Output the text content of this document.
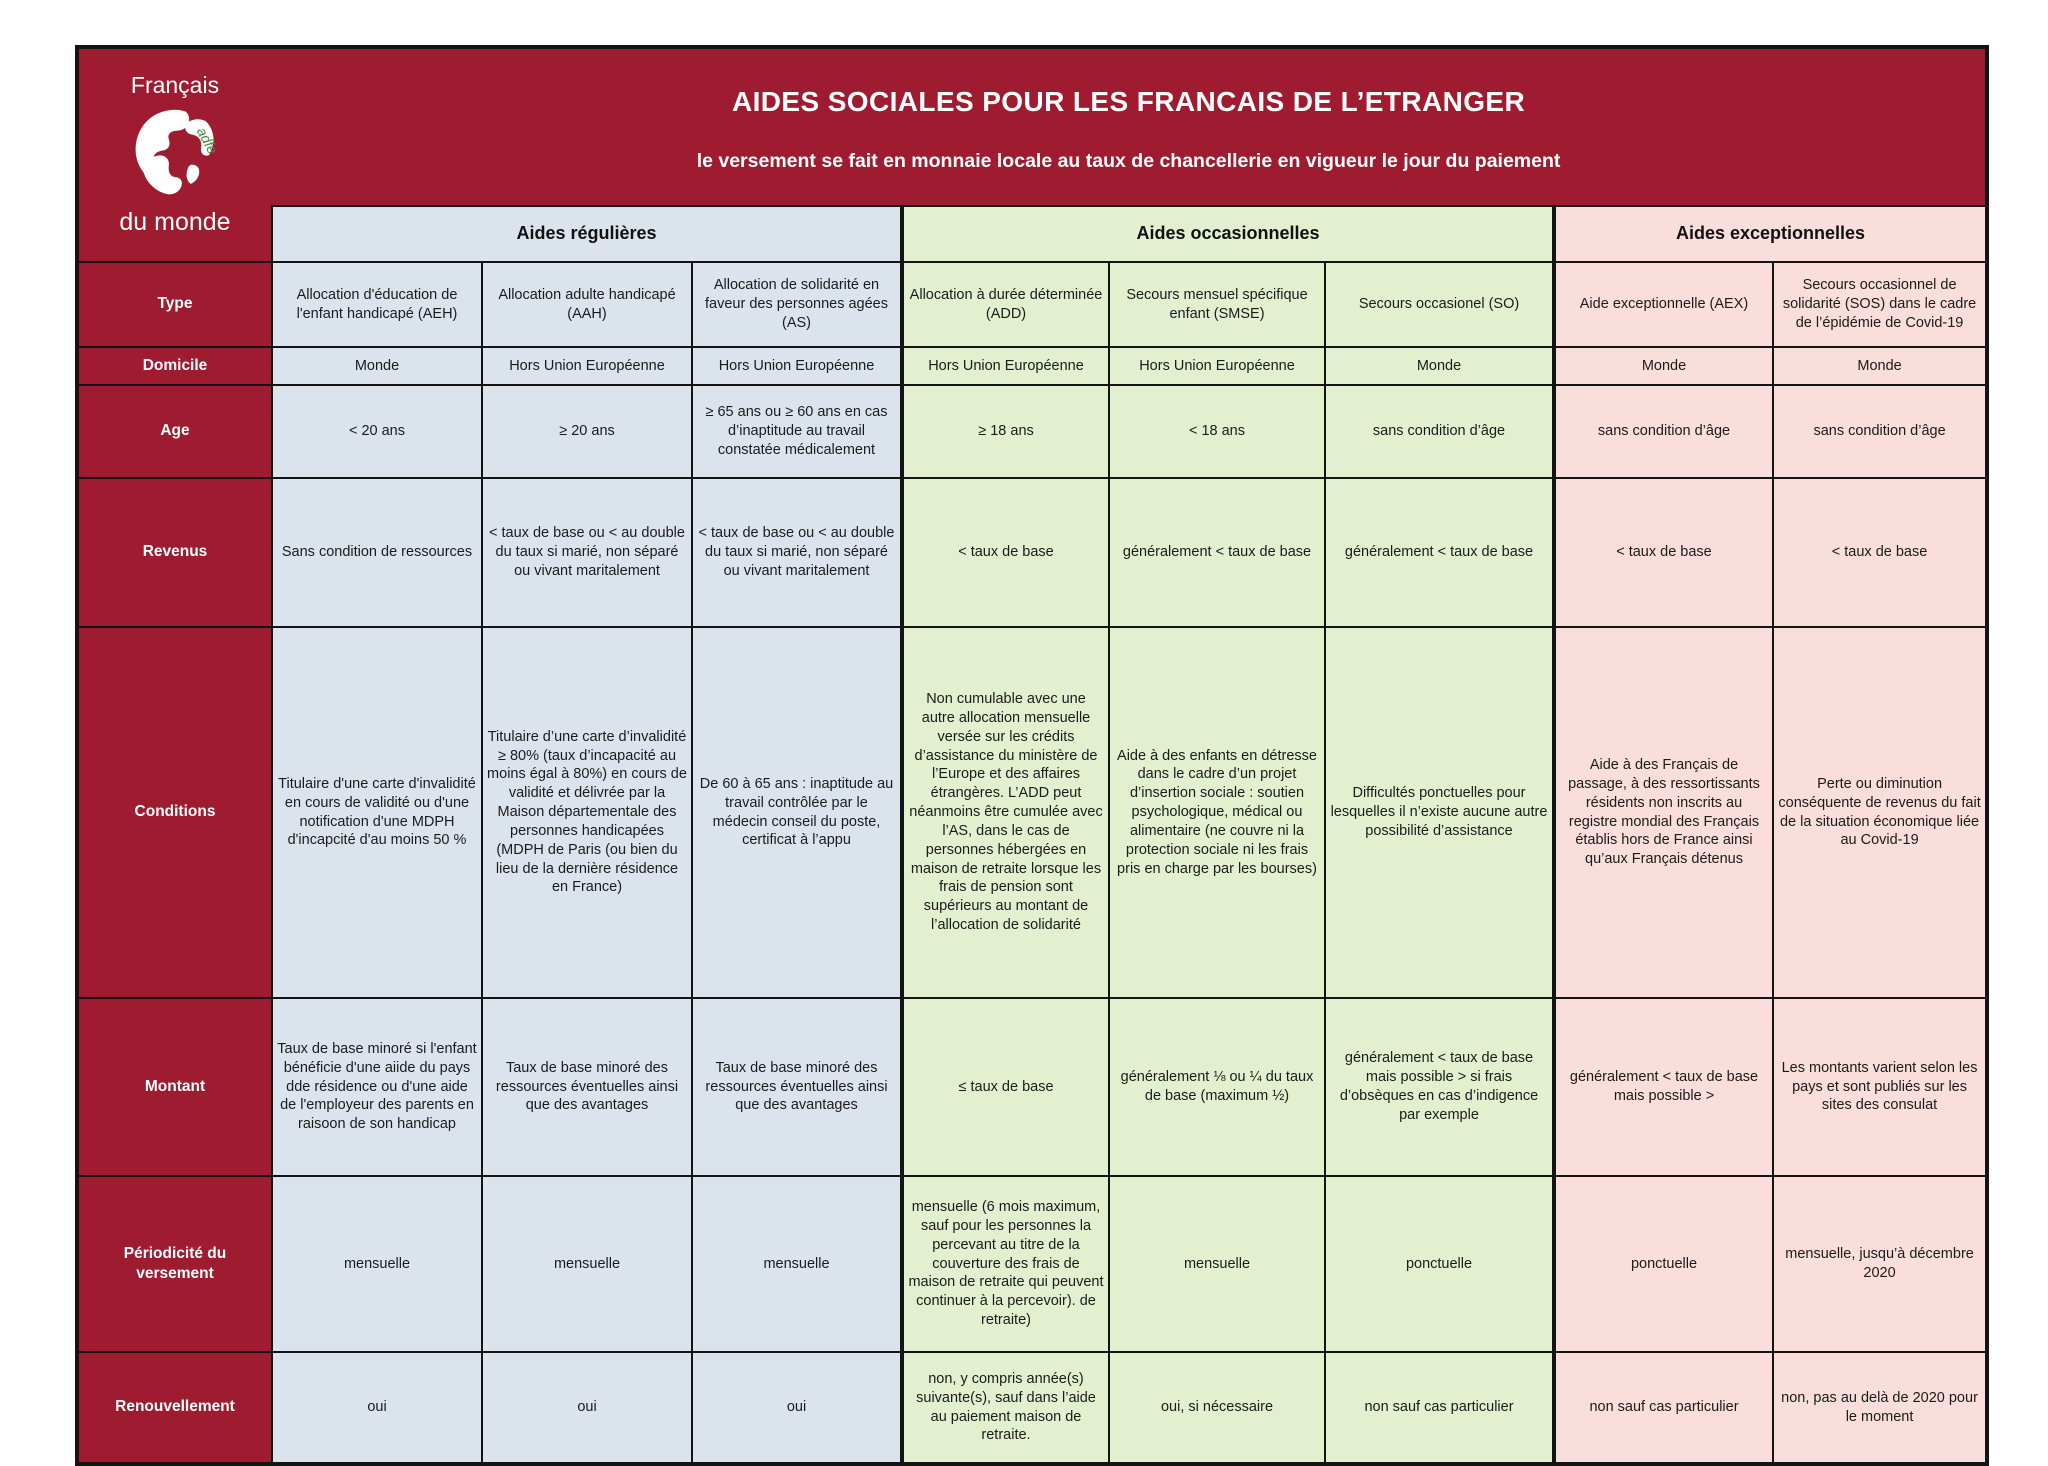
Français
adfe
du monde

AIDES SOCIALES POUR LES FRANCAIS DE L’ETRANGER
le versement se fait en monnaie locale au taux de chancellerie en vigueur le jour du paiement

	Aides régulières			Aides occasionnelles			Aides exceptionnelles	
Type	Allocation d'éducation de l'enfant handicapé (AEH)	Allocation adulte handicapé (AAH)	Allocation de solidarité en faveur des personnes agées (AS)	Allocation à durée déterminée (ADD)	Secours mensuel spécifique enfant (SMSE)	Secours occasionel (SO)	Aide exceptionnelle (AEX)	Secours occasionnel de solidarité (SOS) dans le cadre de l’épidémie de Covid-19
Domicile	Monde	Hors Union Européenne	Hors Union Européenne	Hors Union Européenne	Hors Union Européenne	Monde	Monde	Monde
Age	< 20 ans	≥ 20 ans	≥ 65 ans ou ≥ 60 ans en cas d’inaptitude au travail constatée médicalement	≥ 18 ans	< 18 ans	sans condition d’âge	sans condition d’âge	sans condition d’âge
Revenus	Sans condition de ressources	< taux de base ou < au double du taux si marié, non séparé ou vivant maritalement	< taux de base ou < au double du taux si marié, non séparé ou vivant maritalement	< taux de base	généralement < taux de base	généralement < taux de base	< taux de base	< taux de base
Conditions	Titulaire d'une carte d'invalidité en cours de validité ou d'une notification d'une MDPH d'incapcité d'au moins 50 %	Titulaire d’une carte d’invalidité ≥ 80% (taux d’incapacité au moins égal à 80%) en cours de validité et délivrée par la Maison départementale des personnes handicapées (MDPH de Paris (ou bien du lieu de la dernière résidence en France)	De 60 à 65 ans : inaptitude au travail contrôlée par le médecin conseil du poste, certificat à l’appu	Non cumulable avec une autre allocation mensuelle versée sur les crédits d’assistance du ministère de l’Europe et des affaires étrangères. L’ADD peut néanmoins être cumulée avec l’AS, dans le cas de personnes hébergées en maison de retraite lorsque les frais de pension sont supérieurs au montant de l’allocation de solidarité	Aide à des enfants en détresse dans le cadre d’un projet d’insertion sociale : soutien psychologique, médical ou alimentaire (ne couvre ni la protection sociale ni les frais pris en charge par les bourses)	Difficultés ponctuelles pour lesquelles il n’existe aucune autre possibilité d’assistance	Aide à des Français de passage, à des ressortissants résidents non inscrits au registre mondial des Français établis hors de France ainsi qu’aux Français détenus	Perte ou diminution conséquente de revenus du fait de la situation économique liée au Covid-19
Montant	Taux de base minoré si l'enfant bénéficie d'une aiide du pays dde résidence ou d'une aide de l'employeur des parents en raisoon de son handicap	Taux de base minoré des ressources éventuelles ainsi que des avantages	Taux de base minoré des ressources éventuelles ainsi que des avantages	≤ taux de base	généralement ⅛ ou ¼ du taux de base (maximum ½)	généralement < taux de base mais possible > si frais d’obsèques en cas d’indigence par exemple	généralement < taux de base mais possible >	Les montants varient selon les pays et sont publiés sur les sites des consulat
Périodicité du versement	mensuelle	mensuelle	mensuelle	mensuelle (6 mois maximum, sauf pour les personnes la percevant au titre de la couverture des frais de maison de retraite qui peuvent continuer à la percevoir). de retraite)	mensuelle	ponctuelle	ponctuelle	mensuelle, jusqu’à décembre 2020
Renouvellement	oui	oui	oui	non, y compris année(s) suivante(s), sauf dans l’aide au paiement maison de retraite.	oui, si nécessaire	non sauf cas particulier	non sauf cas particulier	non, pas au delà de 2020 pour le moment
